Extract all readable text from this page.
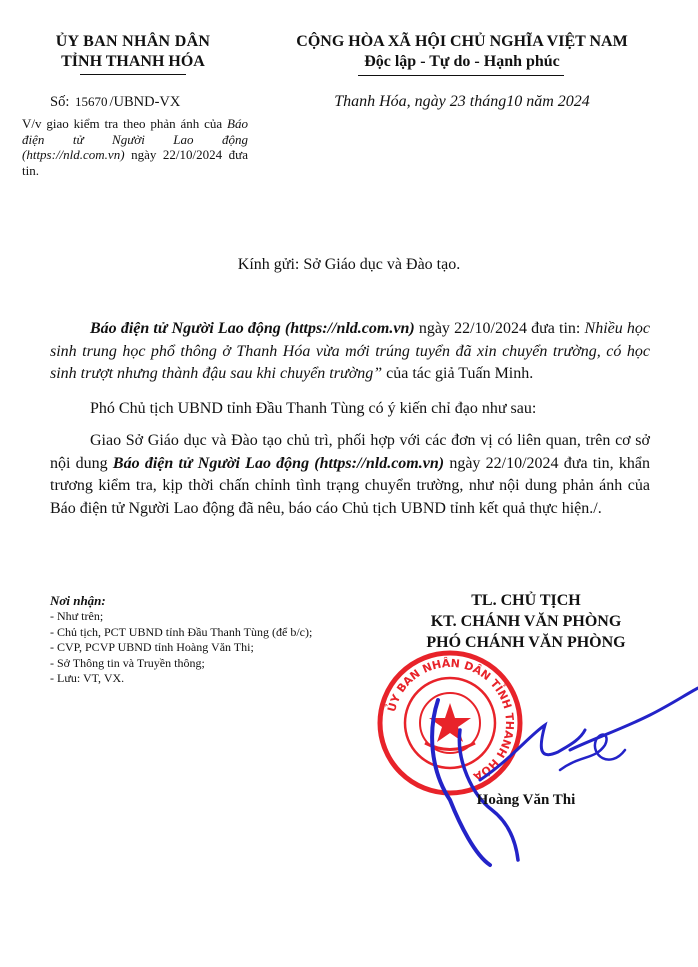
ỦY BAN NHÂN DÂN
TỈNH THANH HÓA
Số: 15670 /UBND-VX
V/v giao kiểm tra theo phản ánh của Báo điện tử Người Lao động (https://nld.com.vn) ngày 22/10/2024 đưa tin.
CỘNG HÒA XÃ HỘI CHỦ NGHĨA VIỆT NAM
Độc lập - Tự do - Hạnh phúc
Thanh Hóa, ngày 23 tháng10 năm 2024
Kính gửi: Sở Giáo dục và Đào tạo.

Báo điện tử Người Lao động (https://nld.com.vn) ngày 22/10/2024 đưa tin: Nhiều học sinh trung học phổ thông ở Thanh Hóa vừa mới trúng tuyển đã xin chuyển trường, có học sinh trượt nhưng thành đậu sau khi chuyển trường” của tác giả Tuấn Minh.

Phó Chủ tịch UBND tỉnh Đầu Thanh Tùng có ý kiến chỉ đạo như sau:

Giao Sở Giáo dục và Đào tạo chủ trì, phối hợp với các đơn vị có liên quan, trên cơ sở nội dung Báo điện tử Người Lao động (https://nld.com.vn) ngày 22/10/2024 đưa tin, khẩn trương kiểm tra, kịp thời chấn chỉnh tình trạng chuyển trường, như nội dung phản ánh của Báo điện tử Người Lao động đã nêu, báo cáo Chủ tịch UBND tỉnh kết quả thực hiện./.

Nơi nhận:
- Như trên;
- Chủ tịch, PCT UBND tỉnh Đầu Thanh Tùng (để b/c);
- CVP, PCVP UBND tỉnh Hoàng Văn Thi;
- Sở Thông tin và Truyền thông;
- Lưu: VT, VX.
TL. CHỦ TỊCH
KT. CHÁNH VĂN PHÒNG
PHÓ CHÁNH VĂN PHÒNG
ỦY BAN NHÂN DÂN TỈNH THANH HÓA
Hoàng Văn Thi
